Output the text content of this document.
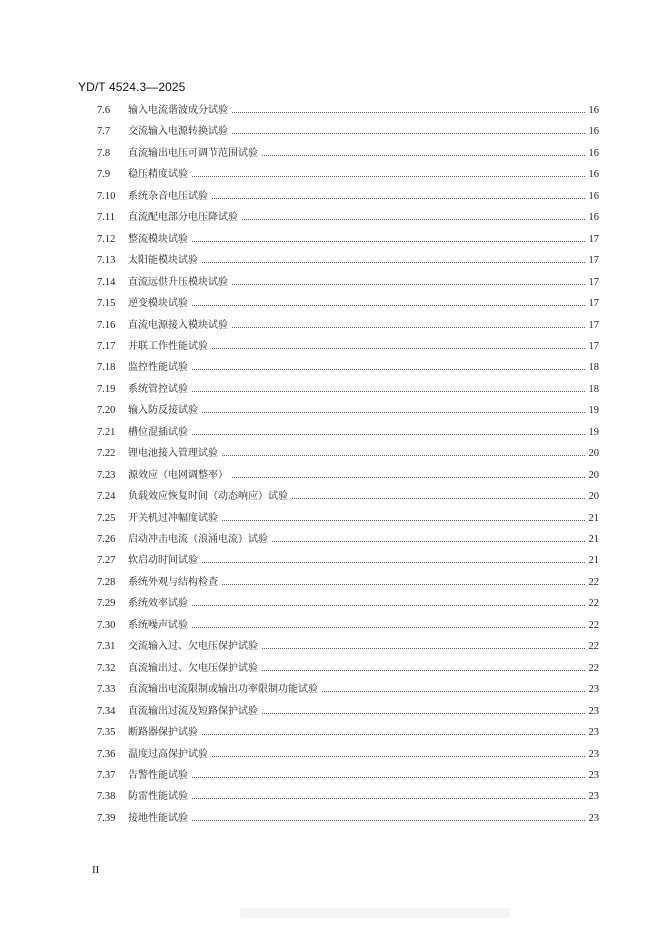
YD/T 4524.3—2025
7.6	输入电流谐波成分试验	16
7.7	交流输入电源转换试验	16
7.8	直流输出电压可调节范围试验	16
7.9	稳压精度试验	16
7.10	系统杂音电压试验	16
7.11	直流配电部分电压降试验	16
7.12	整流模块试验	17
7.13	太阳能模块试验	17
7.14	直流远供升压模块试验	17
7.15	逆变模块试验	17
7.16	直流电源接入模块试验	17
7.17	并联工作性能试验	17
7.18	监控性能试验	18
7.19	系统管控试验	18
7.20	输入防反接试验	19
7.21	槽位混插试验	19
7.22	锂电池接入管理试验	20
7.23	源效应（电网调整率）	20
7.24	负载效应恢复时间（动态响应）试验	20
7.25	开关机过冲幅度试验	21
7.26	启动冲击电流（浪涌电流）试验	21
7.27	软启动时间试验	21
7.28	系统外观与结构检查	22
7.29	系统效率试验	22
7.30	系统噪声试验	22
7.31	交流输入过、欠电压保护试验	22
7.32	直流输出过、欠电压保护试验	22
7.33	直流输出电流限制或输出功率限制功能试验	23
7.34	直流输出过流及短路保护试验	23
7.35	断路器保护试验	23
7.36	温度过高保护试验	23
7.37	告警性能试验	23
7.38	防雷性能试验	23
7.39	接地性能试验	23
II
